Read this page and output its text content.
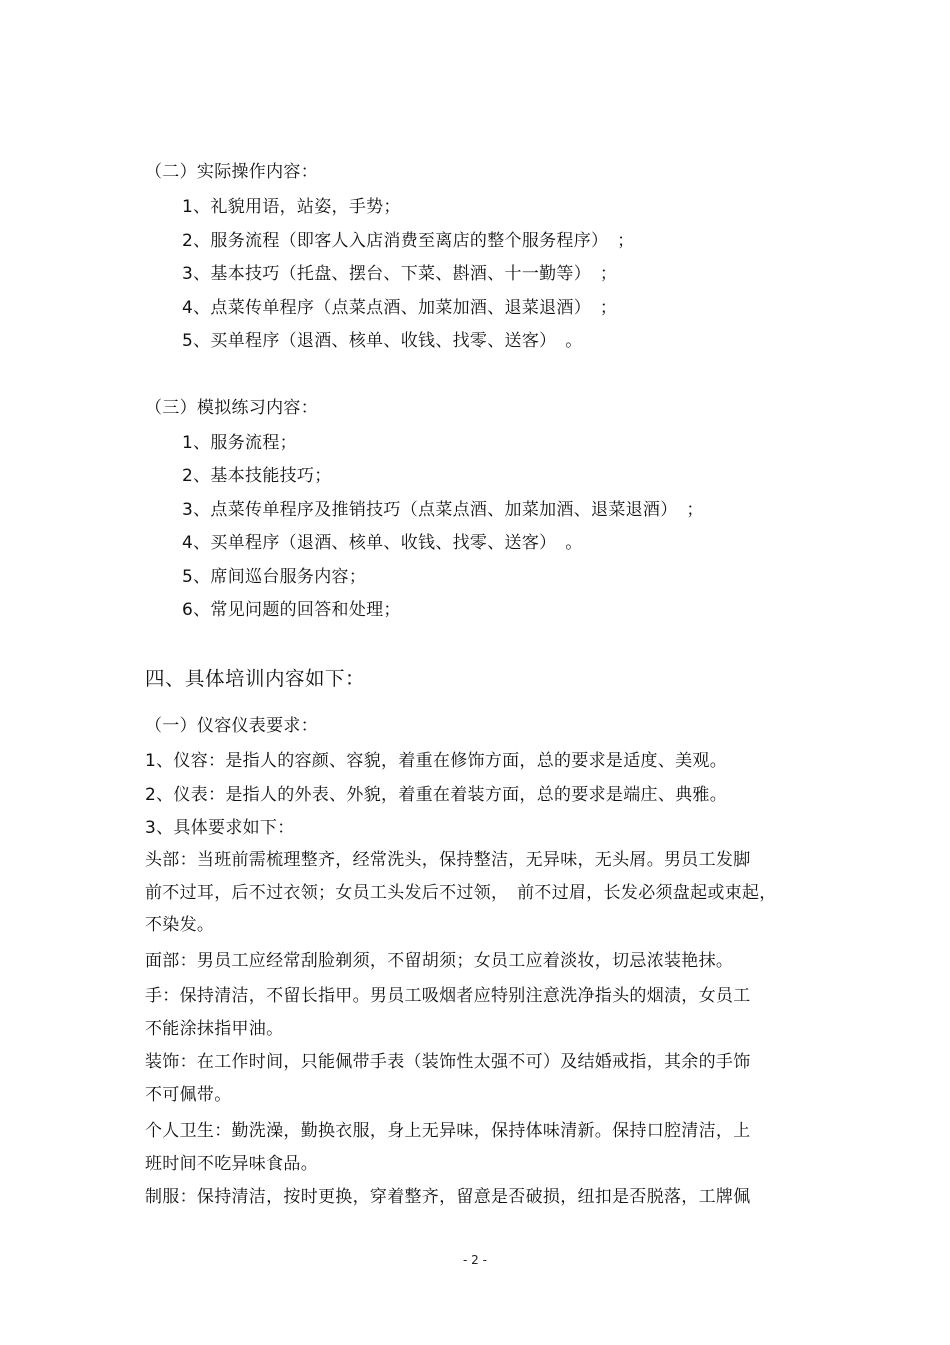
（二）实际操作内容：
1、礼貌用语，站姿，手势；
2、服务流程（即客人入店消费至离店的整个服务程序）　；
3、基本技巧（托盘、摆台、下菜、斟酒、十一勤等）　；
4、点菜传单程序（点菜点酒、加菜加酒、退菜退酒）　；
5、买单程序（退酒、核单、收钱、找零、送客）　。
（三）模拟练习内容：
1、服务流程；
2、基本技能技巧；
3、点菜传单程序及推销技巧（点菜点酒、加菜加酒、退菜退酒）　；
4、买单程序（退酒、核单、收钱、找零、送客）　。
5、席间巡台服务内容；
6、常见问题的回答和处理；
四、具体培训内容如下：
（一）仪容仪表要求：
1、仪容：是指人的容颜、容貌，着重在修饰方面，总的要求是适度、美观。
2、仪表：是指人的外表、外貌，着重在着装方面，总的要求是端庄、典雅。
3、具体要求如下：
头部：当班前需梳理整齐，经常洗头，保持整洁，无异味，无头屑。男员工发脚
前不过耳，后不过衣领；女员工头发后不过领，　前不过眉，长发必须盘起或束起，
不染发。
面部：男员工应经常刮脸剃须，不留胡须；女员工应着淡妆，切忌浓装艳抹。
手：保持清洁，不留长指甲。男员工吸烟者应特别注意洗净指头的烟渍，女员工
不能涂抹指甲油。
装饰：在工作时间，只能佩带手表（装饰性太强不可）及结婚戒指，其余的手饰
不可佩带。
个人卫生：勤洗澡，勤换衣服，身上无异味，保持体味清新。保持口腔清洁，上
班时间不吃异味食品。
制服：保持清洁，按时更换，穿着整齐，留意是否破损，纽扣是否脱落，工牌佩
- 2 -
